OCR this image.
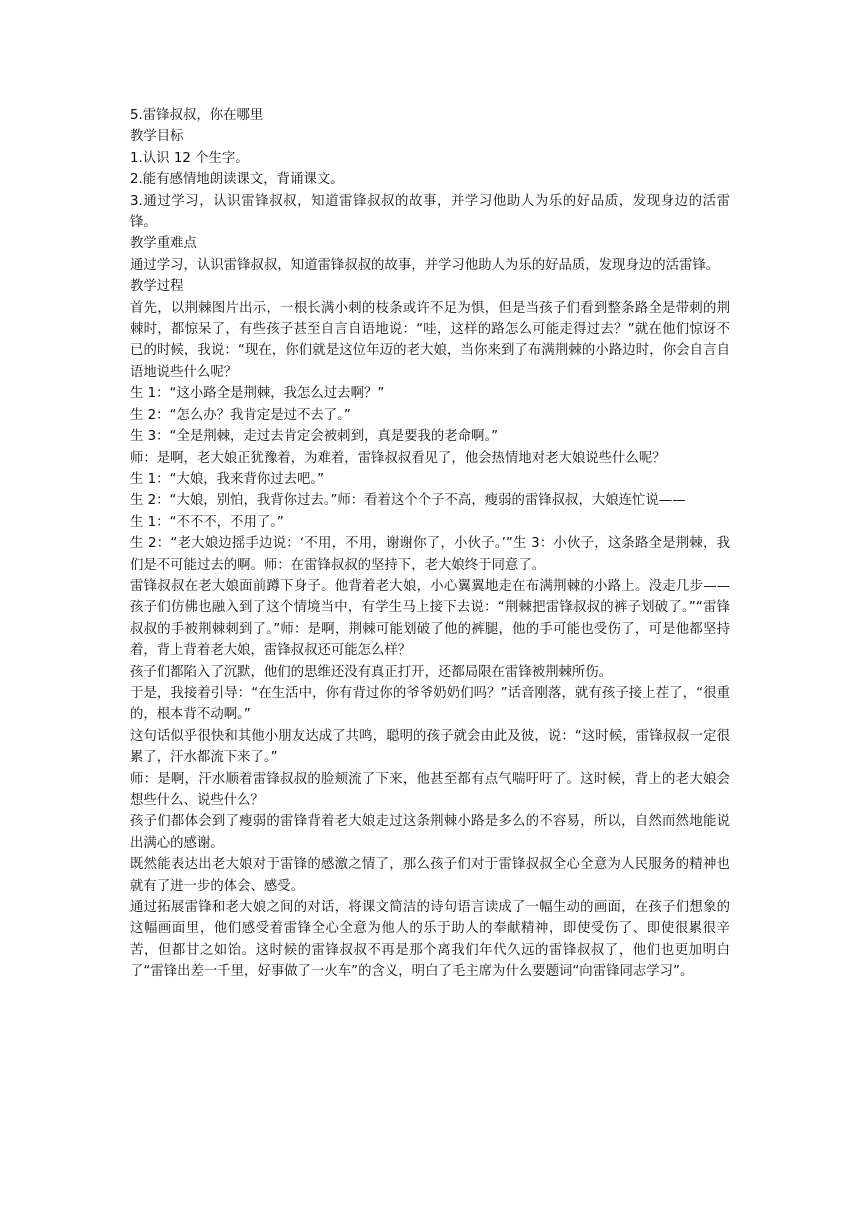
5.雷锋叔叔，你在哪里

教学目标

1.认识 12 个生字。

2.能有感情地朗读课文，背诵课文。

3.通过学习，认识雷锋叔叔，知道雷锋叔叔的故事，并学习他助人为乐的好品质，发现身边的活雷锋。

教学重难点

通过学习，认识雷锋叔叔，知道雷锋叔叔的故事，并学习他助人为乐的好品质，发现身边的活雷锋。

教学过程

首先，以荆棘图片出示，一根长满小刺的枝条或许不足为惧，但是当孩子们看到整条路全是带刺的荆棘时，都惊呆了，有些孩子甚至自言自语地说：“哇，这样的路怎么可能走得过去？”就在他们惊讶不已的时候，我说：“现在，你们就是这位年迈的老大娘，当你来到了布满荆棘的小路边时，你会自言自语地说些什么呢？

生 1：“这小路全是荆棘，我怎么过去啊？”

生 2：“怎么办？我肯定是过不去了。”

生 3：“全是荆棘，走过去肯定会被刺到，真是要我的老命啊。”

师：是啊，老大娘正犹豫着，为难着，雷锋叔叔看见了，他会热情地对老大娘说些什么呢？

生 1：“大娘，我来背你过去吧。”

生 2：“大娘，别怕，我背你过去。”师：看着这个个子不高，瘦弱的雷锋叔叔，大娘连忙说——

生 1：“不不不，不用了。”

生 2：“老大娘边摇手边说：‘不用，不用，谢谢你了，小伙子。’”生 3：小伙子，这条路全是荆棘，我们是不可能过去的啊。师：在雷锋叔叔的坚持下，老大娘终于同意了。

雷锋叔叔在老大娘面前蹲下身子。他背着老大娘，小心翼翼地走在布满荆棘的小路上。没走几步——孩子们仿佛也融入到了这个情境当中，有学生马上接下去说：“荆棘把雷锋叔叔的裤子划破了。”“雷锋叔叔的手被荆棘刺到了。”师：是啊，荆棘可能划破了他的裤腿，他的手可能也受伤了，可是他都坚持着，背上背着老大娘，雷锋叔叔还可能怎么样？

孩子们都陷入了沉默，他们的思维还没有真正打开，还都局限在雷锋被荆棘所伤。

于是，我接着引导：“在生活中，你有背过你的爷爷奶奶们吗？”话音刚落，就有孩子接上茬了，“很重的，根本背不动啊。”

这句话似乎很快和其他小朋友达成了共鸣，聪明的孩子就会由此及彼，说：“这时候，雷锋叔叔一定很累了，汗水都流下来了。”

师：是啊，汗水顺着雷锋叔叔的脸颊流了下来，他甚至都有点气喘吁吁了。这时候，背上的老大娘会想些什么、说些什么？

孩子们都体会到了瘦弱的雷锋背着老大娘走过这条荆棘小路是多么的不容易，所以，自然而然地能说出满心的感谢。

既然能表达出老大娘对于雷锋的感激之情了，那么孩子们对于雷锋叔叔全心全意为人民服务的精神也就有了进一步的体会、感受。

通过拓展雷锋和老大娘之间的对话，将课文简洁的诗句语言读成了一幅生动的画面，在孩子们想象的这幅画面里，他们感受着雷锋全心全意为他人的乐于助人的奉献精神，即使受伤了、即使很累很辛苦，但都甘之如饴。这时候的雷锋叔叔不再是那个离我们年代久远的雷锋叔叔了，他们也更加明白了“雷锋出差一千里，好事做了一火车”的含义，明白了毛主席为什么要题词“向雷锋同志学习”。
